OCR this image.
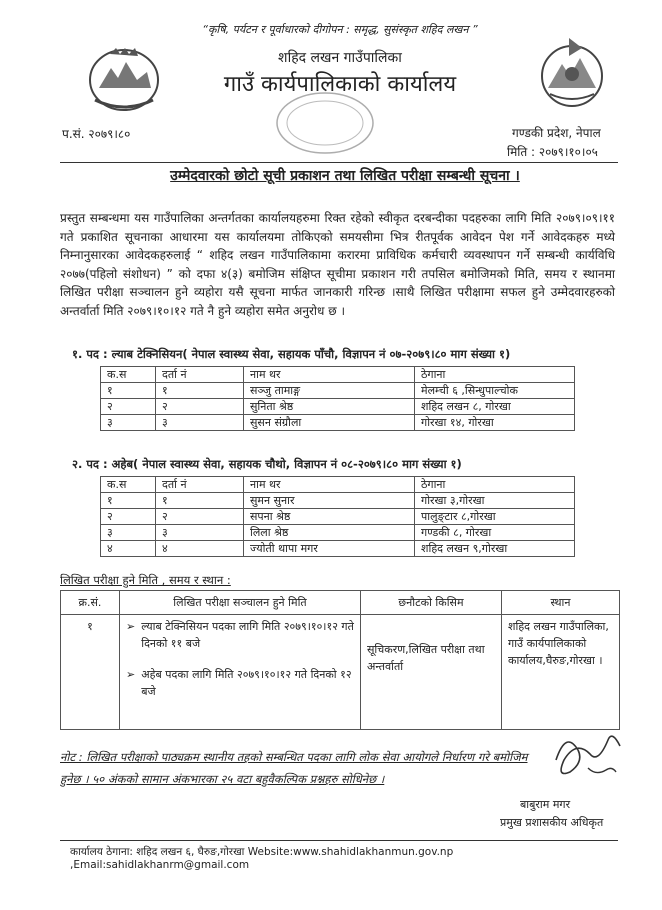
“कृषि, पर्यटन र पूर्वाधारको दीगोपन : समृद्ध, सुसंस्कृत शहिद लखन ”
शहिद लखन गाउँपालिका
गाउँ कार्यपालिकाको कार्यालय
प.सं. २०७९।८०	गण्डकी प्रदेश, नेपाल
मिति : २०७९।१०।०५
उम्मेदवारको छोटो सूची प्रकाशन तथा लिखित परीक्षा सम्बन्धी सूचना ।
प्रस्तुत सम्बन्धमा यस गाउँपालिका अन्तर्गतका कार्यालयहरुमा रिक्त रहेको स्वीकृत दरबन्दीका पदहरुका लागि मिति २०७९।०९।११ गते प्रकाशित सूचनाका आधारमा यस कार्यालयमा तोकिएको समयसीमा भित्र रीतपूर्वक आवेदन पेश गर्ने आवेदकहरु मध्ये निम्नानुसारका आवेदकहरुलाई “ शहिद लखन गाउँपालिकामा करारमा प्राविधिक कर्मचारी व्यवस्थापन गर्ने सम्बन्धी कार्यविधि २०७७(पहिलो संशोधन) ” को दफा ४(३) बमोजिम संक्षिप्त सूचीमा प्रकाशन गरी तपसिल बमोजिमको मिति, समय र स्थानमा लिखित परीक्षा सञ्चालन हुने व्यहोरा यसै सूचना मार्फत जानकारी गरिन्छ ।साथै लिखित परीक्षामा सफल हुने उम्मेदवारहरुको अन्तर्वार्ता मिति २०७९।१०।१२ गते नै हुने व्यहोरा समेत अनुरोध छ ।
१. पद : ल्याब टेक्निसियन( नेपाल स्वास्थ्य सेवा, सहायक पाँचौ, विज्ञापन नं ०७-२०७९।८० माग संख्या १)
क.स	दर्ता नं	नाम थर	ठेगाना
१	१	सञ्जु तामाङ्ग	मेलम्ची ६ ,सिन्धुपाल्चोक
२	२	सुनिता श्रेष्ठ	शहिद लखन ८, गोरखा
३	३	सुसन संग्रौला	गोरखा १४, गोरखा
२. पद : अहेब( नेपाल स्वास्थ्य सेवा, सहायक चौथो, विज्ञापन नं ०८-२०७९।८० माग संख्या १)
क.स	दर्ता नं	नाम थर	ठेगाना
१	१	सुमन सुनार	गोरखा ३,गोरखा
२	२	सपना श्रेष्ठ	पालुङ्टार ८,गोरखा
३	३	लिला श्रेष्ठ	गण्डकी ८, गोरखा
४	४	ज्योती थापा मगर	शहिद लखन ९,गोरखा
लिखित परीक्षा हुने मिति , समय र स्थान :
क्र.सं.	लिखित परीक्षा सञ्चालन हुने मिति	छनौटको किसिम	स्थान
१	➢ ल्याब टेक्निसियन पदका लागि मिति २०७९।१०।१२ गते दिनको ११ बजे
➢ अहेब पदका लागि मिति २०७९।१०।१२ गते दिनको १२ बजे	सूचिकरण,लिखित परीक्षा तथा अन्तर्वार्ता	शहिद लखन गाउँपालिका, गाउँ कार्यपालिकाको कार्यालय,घैरुङ,गोरखा ।
नोट : लिखित परीक्षाको पाठ्यक्रम स्थानीय तहको सम्बन्धित पदका लागि लोक सेवा आयोगले निर्धारण गरे बमोजिम
हुनेछ । ५० अंकको सामान अंकभारका २५ वटा बहुवैकल्पिक प्रश्नहरु सोधिनेछ ।
बाबुराम मगर
प्रमुख प्रशासकीय अधिकृत
कार्यालय ठेगाना: शहिद लखन ६, घैरुङ,गोरखा Website:www.shahidlakhanmun.gov.np ,Email:sahidlakhanrm@gmail.com
